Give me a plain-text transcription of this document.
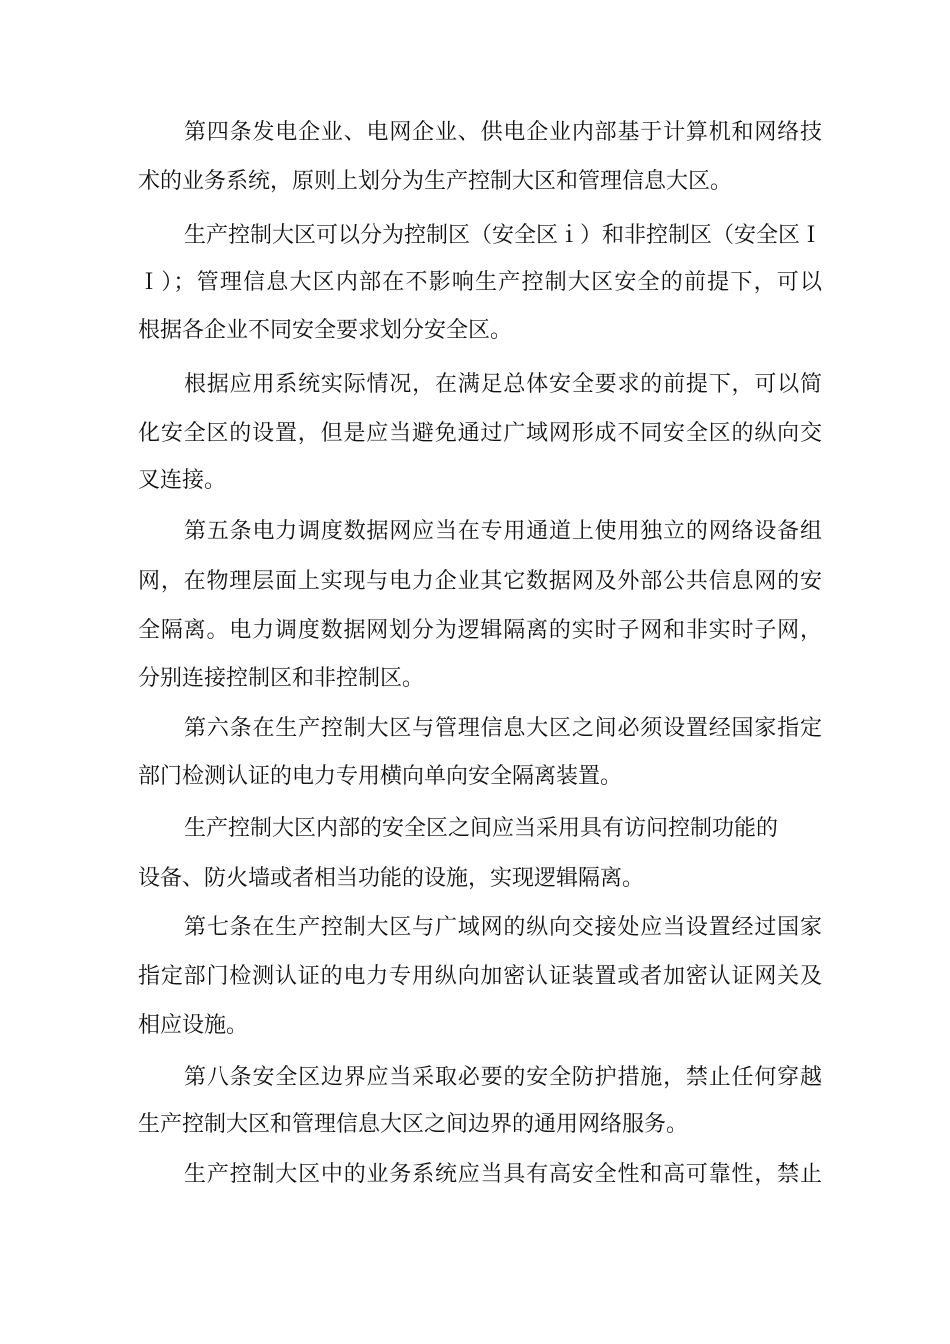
第四条发电企业、电网企业、供电企业内部基于计算机和网络技
术的业务系统，原则上划分为生产控制大区和管理信息大区。
生产控制大区可以分为控制区（安全区ｉ）和非控制区（安全区Ｉ
Ｉ）；管理信息大区内部在不影响生产控制大区安全的前提下，可以
根据各企业不同安全要求划分安全区。
根据应用系统实际情况，在满足总体安全要求的前提下，可以简
化安全区的设置，但是应当避免通过广域网形成不同安全区的纵向交
叉连接。
第五条电力调度数据网应当在专用通道上使用独立的网络设备组
网，在物理层面上实现与电力企业其它数据网及外部公共信息网的安
全隔离。电力调度数据网划分为逻辑隔离的实时子网和非实时子网，
分别连接控制区和非控制区。
第六条在生产控制大区与管理信息大区之间必须设置经国家指定
部门检测认证的电力专用横向单向安全隔离装置。
生产控制大区内部的安全区之间应当采用具有访问控制功能的
设备、防火墙或者相当功能的设施，实现逻辑隔离。
第七条在生产控制大区与广域网的纵向交接处应当设置经过国家
指定部门检测认证的电力专用纵向加密认证装置或者加密认证网关及
相应设施。
第八条安全区边界应当采取必要的安全防护措施，禁止任何穿越
生产控制大区和管理信息大区之间边界的通用网络服务。
生产控制大区中的业务系统应当具有高安全性和高可靠性，禁止
